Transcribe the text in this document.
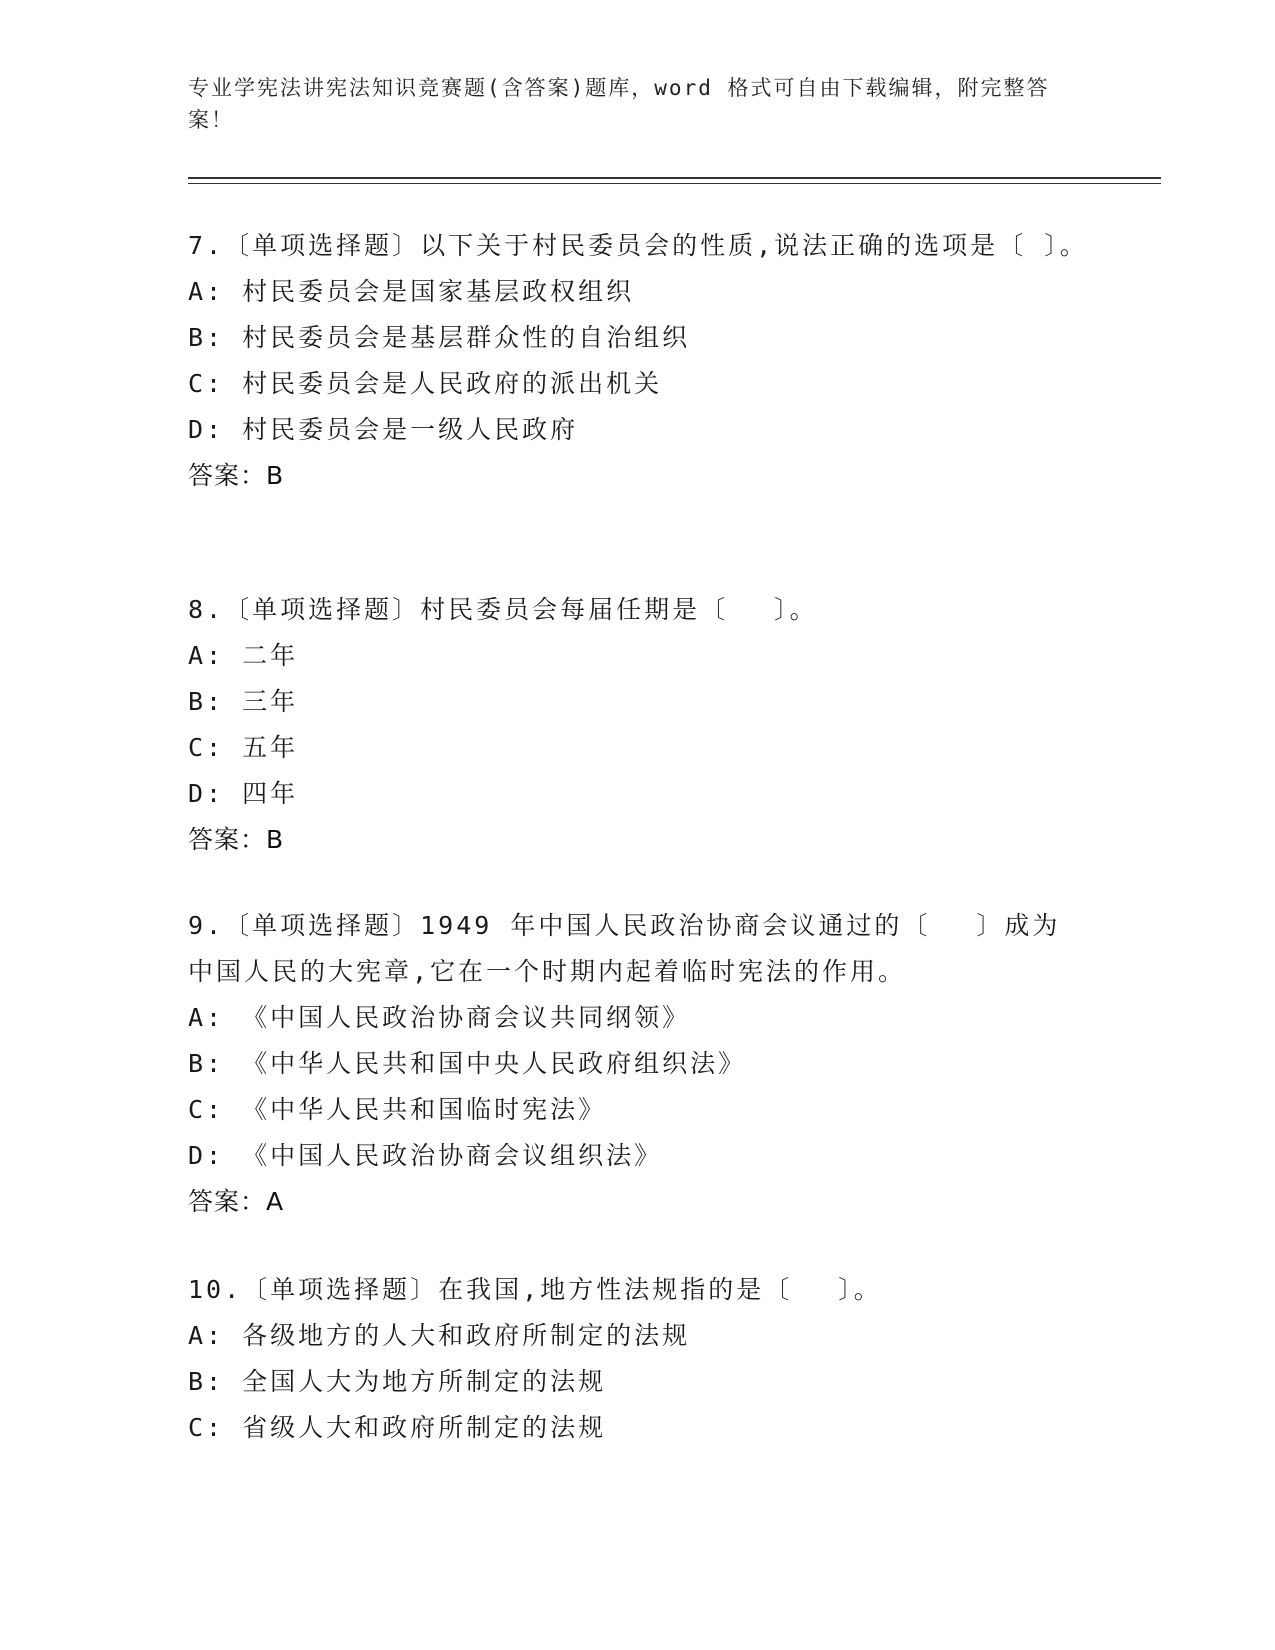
专业学宪法讲宪法知识竞赛题(含答案)题库，word 格式可自由下载编辑，附完整答案！
7.〔单项选择题〕以下关于村民委员会的性质,说法正确的选项是〔 〕。
A: 村民委员会是国家基层政权组织
B: 村民委员会是基层群众性的自治组织
C: 村民委员会是人民政府的派出机关
D: 村民委员会是一级人民政府
答案：B
8.〔单项选择题〕村民委员会每届任期是〔　 〕。
A: 二年
B: 三年
C: 五年
D: 四年
答案：B
9.〔单项选择题〕1949 年中国人民政治协商会议通过的〔　 〕成为中国人民的大宪章,它在一个时期内起着临时宪法的作用。
A: 《中国人民政治协商会议共同纲领》
B: 《中华人民共和国中央人民政府组织法》
C: 《中华人民共和国临时宪法》
D: 《中国人民政治协商会议组织法》
答案：A
10.〔单项选择题〕在我国,地方性法规指的是〔　 〕。
A: 各级地方的人大和政府所制定的法规
B: 全国人大为地方所制定的法规
C: 省级人大和政府所制定的法规
